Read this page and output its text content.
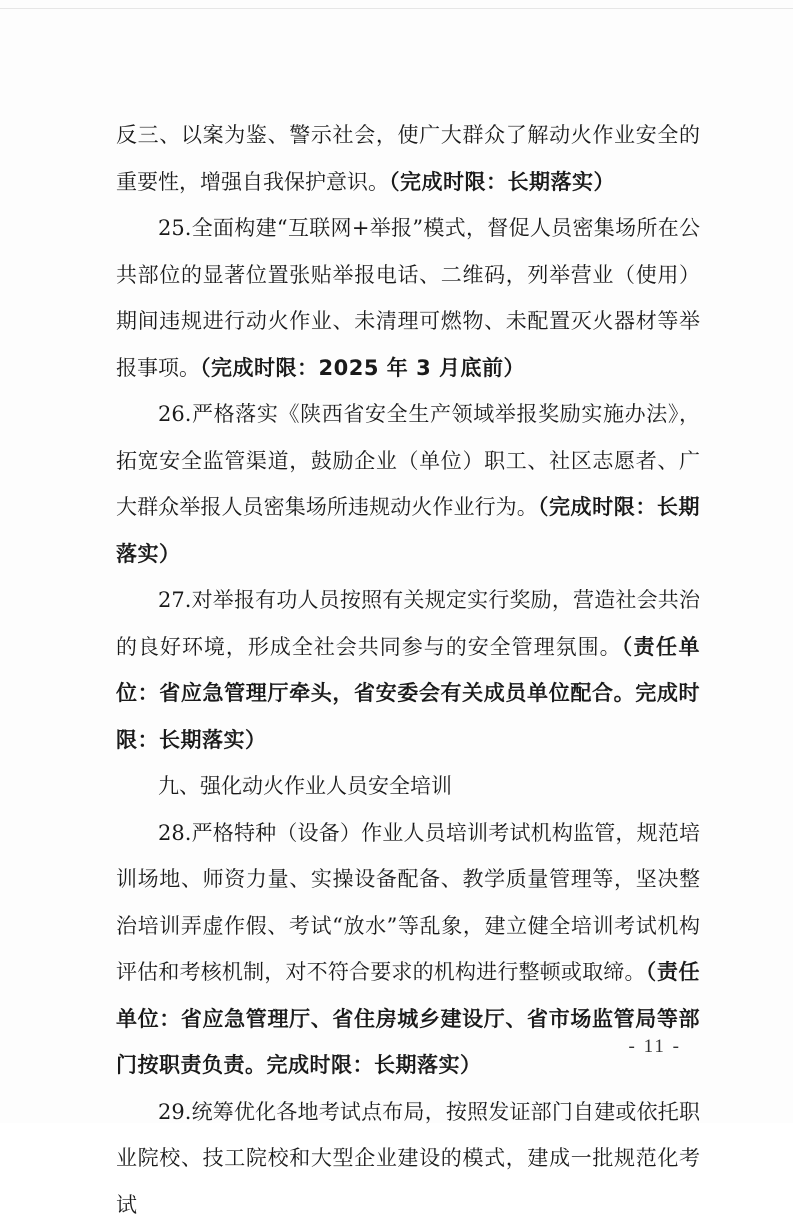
反三、以案为鉴、警示社会，使广大群众了解动火作业安全的重要性，增强自我保护意识。（完成时限：长期落实）

25.全面构建“互联网+举报”模式，督促人员密集场所在公共部位的显著位置张贴举报电话、二维码，列举营业（使用）期间违规进行动火作业、未清理可燃物、未配置灭火器材等举报事项。（完成时限：2025 年 3 月底前）

26.严格落实《陕西省安全生产领域举报奖励实施办法》，拓宽安全监管渠道，鼓励企业（单位）职工、社区志愿者、广大群众举报人员密集场所违规动火作业行为。（完成时限：长期落实）

27.对举报有功人员按照有关规定实行奖励，营造社会共治的良好环境，形成全社会共同参与的安全管理氛围。（责任单位：省应急管理厅牵头，省安委会有关成员单位配合。完成时限：长期落实）

九、强化动火作业人员安全培训

28.严格特种（设备）作业人员培训考试机构监管，规范培训场地、师资力量、实操设备配备、教学质量管理等，坚决整治培训弄虚作假、考试“放水”等乱象，建立健全培训考试机构评估和考核机制，对不符合要求的机构进行整顿或取缔。（责任单位：省应急管理厅、省住房城乡建设厅、省市场监管局等部门按职责负责。完成时限：长期落实）

29.统筹优化各地考试点布局，按照发证部门自建或依托职业院校、技工院校和大型企业建设的模式，建成一批规范化考试

- 11 -
